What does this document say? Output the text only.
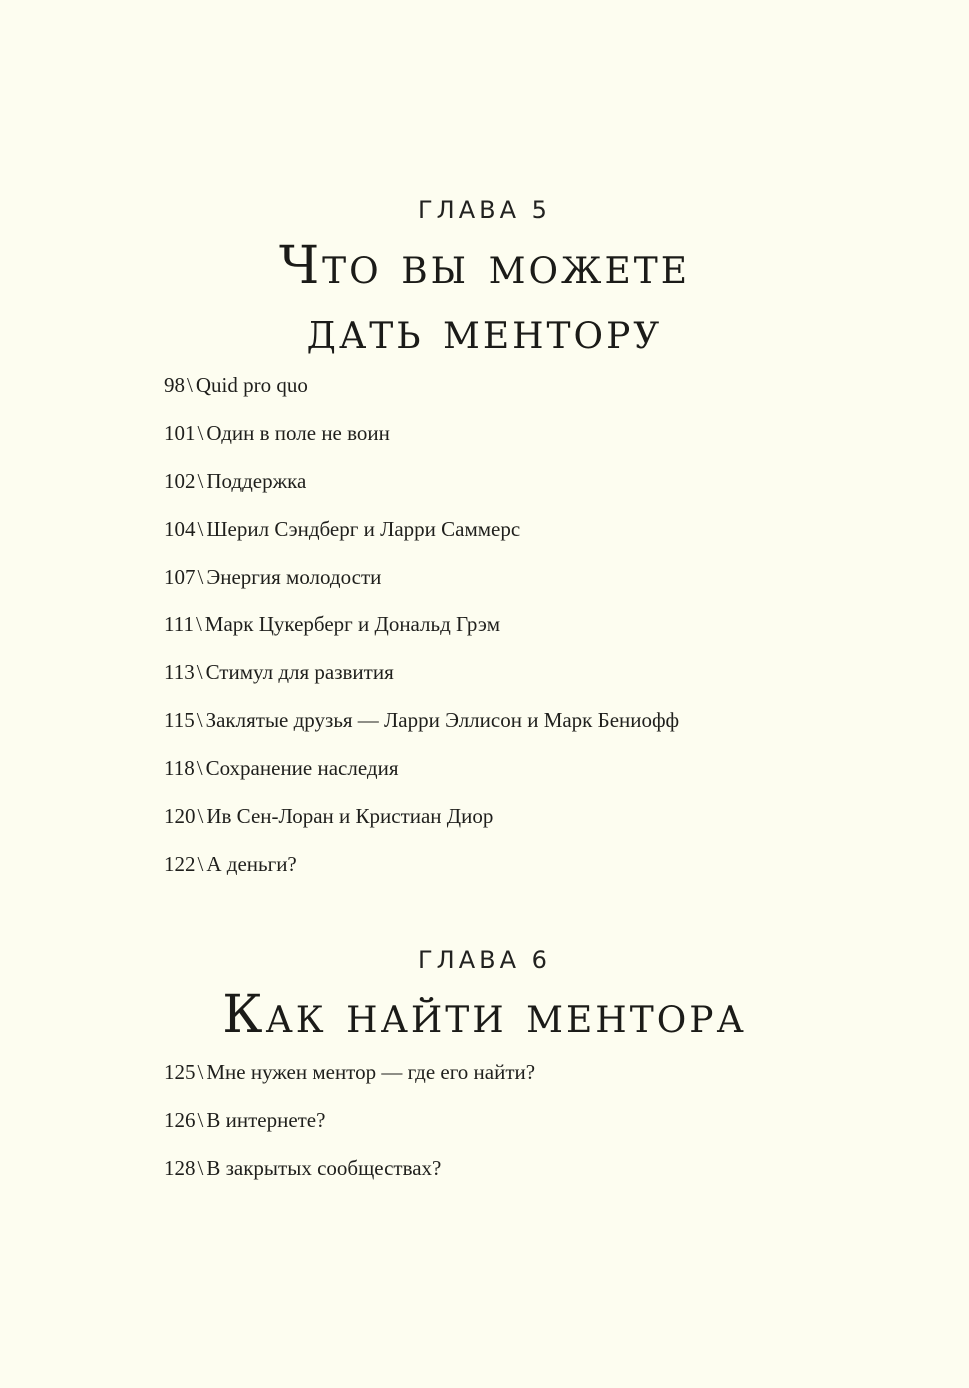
ГЛАВА 5
Что вы можете
дать ментору
98\ Quid pro quo
101\ Один в поле не воин
102\ Поддержка
104\ Шерил Сэндберг и Ларри Саммерс
107\ Энергия молодости
111\ Марк Цукерберг и Дональд Грэм
113\ Стимул для развития
115\ Заклятые друзья — Ларри Эллисон и Марк Бениофф
118\ Сохранение наследия
120\ Ив Сен-Лоран и Кристиан Диор
122\ А деньги?
ГЛАВА 6
Как найти ментора
125\ Мне нужен ментор — где его найти?
126\ В интернете?
128\ В закрытых сообществах?
